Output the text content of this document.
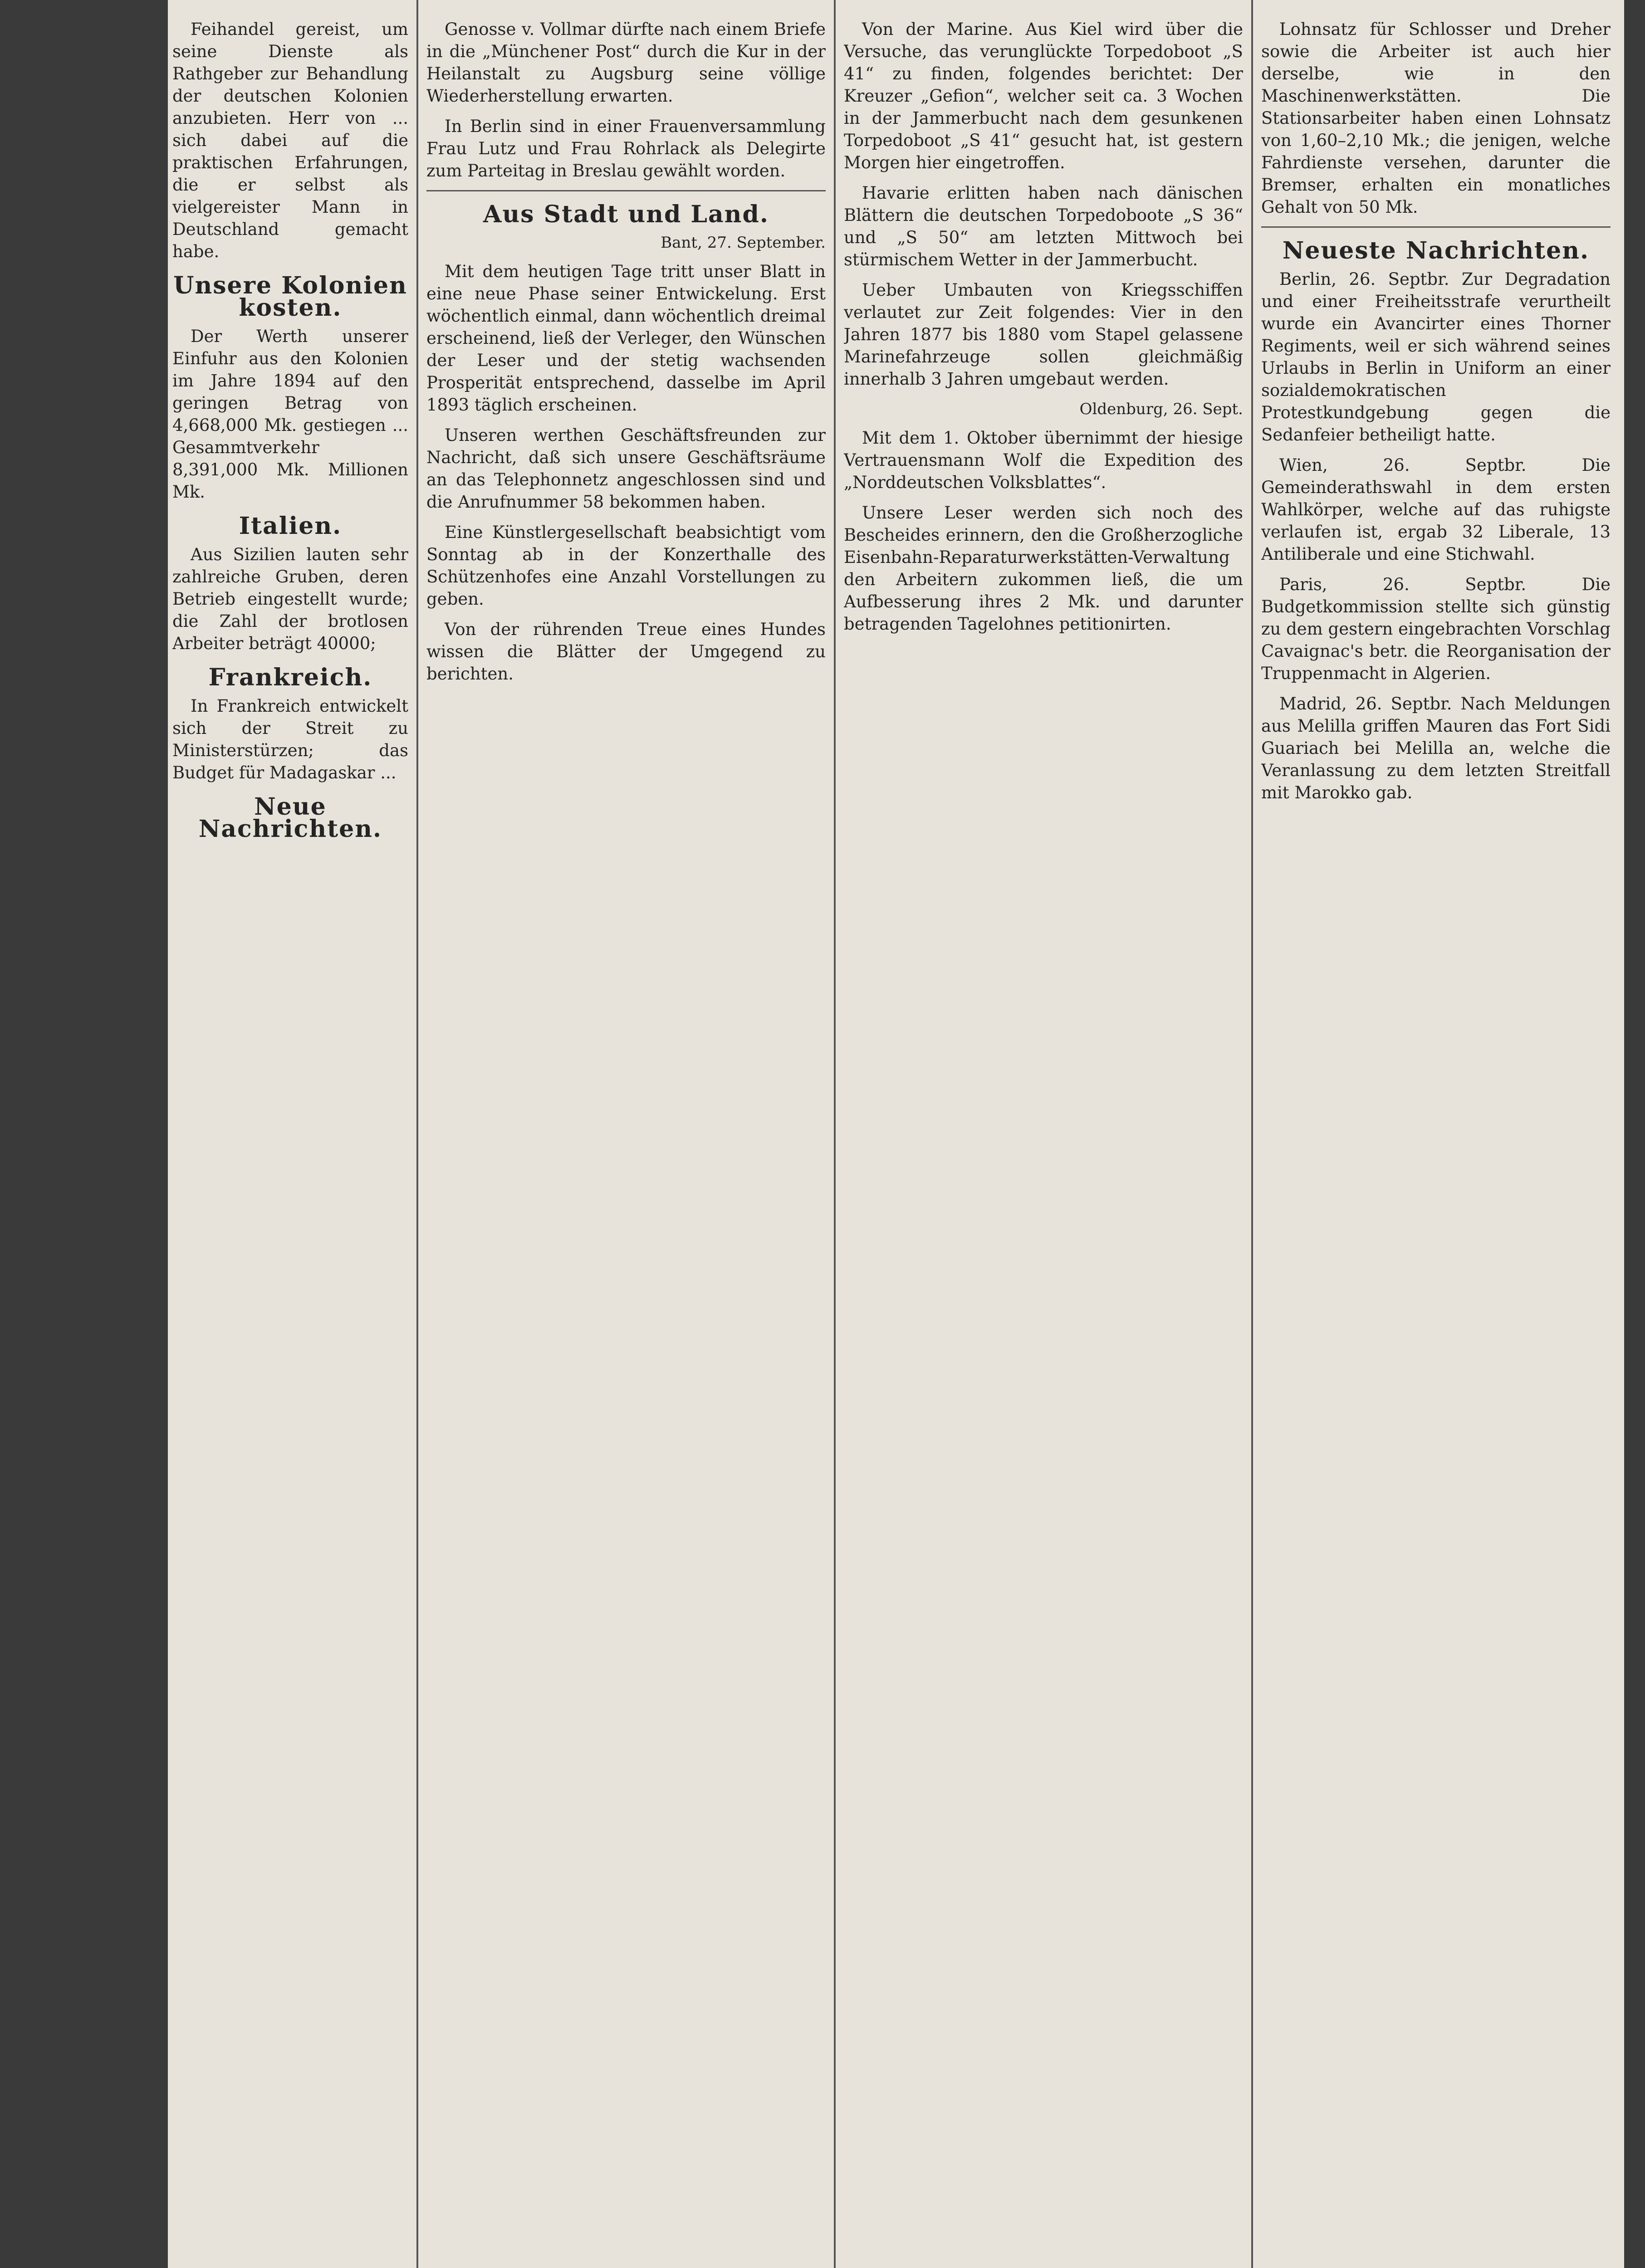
Feihandel gereist, um seine Dienste als Rathgeber zur Behandlung der deutschen Kolonien anzubieten. Herr von ... sich dabei auf die praktischen Erfahrungen, die er selbst als vielgereister Mann in Deutschland gemacht habe.

Unsere Kolonien kosten.

Der Werth unserer Einfuhr aus den Kolonien im Jahre 1894 auf den geringen Betrag von 4,668,000 Mk. gestiegen ... Gesammtverkehr 8,391,000 Mk. Millionen Mk.

Italien.

Aus Sizilien lauten sehr zahlreiche Gruben, deren Betrieb eingestellt wurde; die Zahl der brotlosen Arbeiter beträgt 40000;

Frankreich.

In Frankreich entwickelt sich der Streit zu Ministerstürzen; das Budget für Madagaskar ...

Neue Nachrichten.

Genosse v. Vollmar dürfte nach einem Briefe in die „Münchener Post“ durch die Kur in der Heilanstalt zu Augsburg seine völlige Wiederherstellung erwarten.

In Berlin sind in einer Frauenversammlung Frau Lutz und Frau Rohrlack als Delegirte zum Parteitag in Breslau gewählt worden.

Aus Stadt und Land.
Bant, 27. September.

Mit dem heutigen Tage tritt unser Blatt in eine neue Phase seiner Entwickelung. Erst wöchentlich einmal, dann wöchentlich dreimal erscheinend, ließ der Verleger, den Wünschen der Leser und der stetig wachsenden Prosperität entsprechend, dasselbe im April 1893 täglich erscheinen.

Unseren werthen Geschäftsfreunden zur Nachricht, daß sich unsere Geschäftsräume an das Telephonnetz angeschlossen sind und die Anrufnummer 58 bekommen haben.

Eine Künstlergesellschaft beabsichtigt vom Sonntag ab in der Konzerthalle des Schützenhofes eine Anzahl Vorstellungen zu geben.

Von der rührenden Treue eines Hundes wissen die Blätter der Umgegend zu berichten.

Von der Marine. Aus Kiel wird über die Versuche, das verunglückte Torpedoboot „S 41“ zu finden, folgendes berichtet: Der Kreuzer „Gefion“, welcher seit ca. 3 Wochen in der Jammerbucht nach dem gesunkenen Torpedoboot „S 41“ gesucht hat, ist gestern Morgen hier eingetroffen.

Havarie erlitten haben nach dänischen Blättern die deutschen Torpedoboote „S 36“ und „S 50“ am letzten Mittwoch bei stürmischem Wetter in der Jammerbucht.

Ueber Umbauten von Kriegsschiffen verlautet zur Zeit folgendes: Vier in den Jahren 1877 bis 1880 vom Stapel gelassene Marinefahrzeuge sollen gleichmäßig innerhalb 3 Jahren umgebaut werden.

Oldenburg, 26. Sept.

Mit dem 1. Oktober übernimmt der hiesige Vertrauensmann Wolf die Expedition des „Norddeutschen Volksblattes“.

Unsere Leser werden sich noch des Bescheides erinnern, den die Großherzogliche Eisenbahn-Reparaturwerkstätten-Verwaltung den Arbeitern zukommen ließ, die um Aufbesserung ihres 2 Mk. und darunter betragenden Tagelohnes petitionirten.

Lohnsatz für Schlosser und Dreher sowie die Arbeiter ist auch hier derselbe, wie in den Maschinenwerkstätten. Die Stationsarbeiter haben einen Lohnsatz von 1,60–2,10 Mk.; die jenigen, welche Fahrdienste versehen, darunter die Bremser, erhalten ein monatliches Gehalt von 50 Mk.

Neueste Nachrichten.

Berlin, 26. Septbr. Zur Degradation und einer Freiheitsstrafe verurtheilt wurde ein Avancirter eines Thorner Regiments, weil er sich während seines Urlaubs in Berlin in Uniform an einer sozialdemokratischen Protestkundgebung gegen die Sedanfeier betheiligt hatte.

Wien, 26. Septbr. Die Gemeinderathswahl in dem ersten Wahlkörper, welche auf das ruhigste verlaufen ist, ergab 32 Liberale, 13 Antiliberale und eine Stichwahl.

Paris, 26. Septbr. Die Budgetkommission stellte sich günstig zu dem gestern eingebrachten Vorschlag Cavaignac's betr. die Reorganisation der Truppenmacht in Algerien.

Madrid, 26. Septbr. Nach Meldungen aus Melilla griffen Mauren das Fort Sidi Guariach bei Melilla an, welche die Veranlassung zu dem letzten Streitfall mit Marokko gab.
